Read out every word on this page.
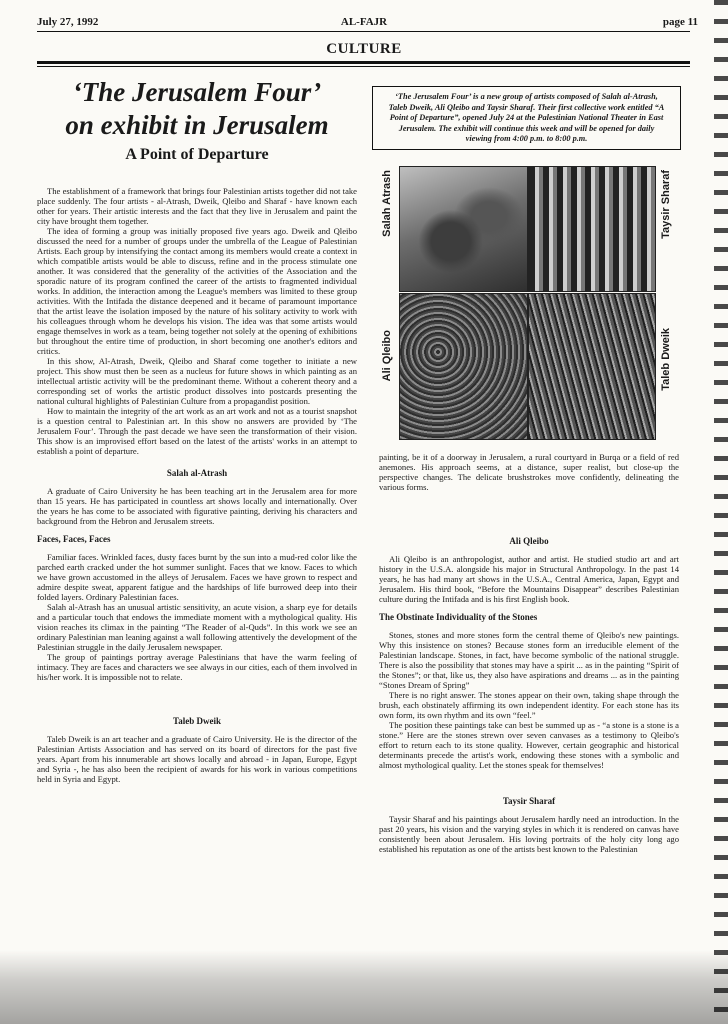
July 27, 1992	AL-FAJR	page 11
CULTURE
‘The Jerusalem Four’
on exhibit in Jerusalem
A Point of Departure

The establishment of a framework that brings four Palestinian artists together did not take place suddenly. The four artists - al-Atrash, Dweik, Qleibo and Sharaf - have known each other for years. Their artistic interests and the fact that they live in Jerusalem and paint the city have brought them together.

The idea of forming a group was initially proposed five years ago. Dweik and Qleibo discussed the need for a number of groups under the umbrella of the League of Palestinian Artists. Each group by intensifying the contact among its members would create a context in which compatible artists would be able to discuss, refine and in the process stimulate one another. It was considered that the generality of the activities of the Association and the sporadic nature of its program confined the career of the artists to fragmented individual works. In addition, the interaction among the League's members was limited to these group activities. With the Intifada the distance deepened and it became of paramount importance that the artist leave the isolation imposed by the nature of his solitary activity to work with his colleagues through whom he develops his vision. The idea was that some artists would engage themselves in work as a team, being together not solely at the opening of exhibitions but throughout the entire time of production, in short becoming one another's editors and critics.

In this show, Al-Atrash, Dweik, Qleibo and Sharaf come together to initiate a new project. This show must then be seen as a nucleus for future shows in which painting as an intellectual artistic activity will be the predominant theme. Without a coherent theory and a corresponding set of works the artistic product dissolves into postcards presenting the national cultural highlights of Palestinian Culture from a propagandist position.

How to maintain the integrity of the art work as an art work and not as a tourist snapshot is a question central to Palestinian art. In this show no answers are provided by ‘The Jerusalem Four’. Through the past decade we have seen the transformation of their vision. This show is an improvised effort based on the latest of the artists' works in an attempt to establish a point of departure.

Salah al-Atrash

A graduate of Cairo University he has been teaching art in the Jerusalem area for more than 15 years. He has participated in countless art shows locally and internationally. Over the years he has come to be associated with figurative painting, deriving his characters and background from the Hebron and Jerusalem streets.

Faces, Faces, Faces

Familiar faces. Wrinkled faces, dusty faces burnt by the sun into a mud-red color like the parched earth cracked under the hot summer sunlight. Faces that we know. Faces to which we have grown accustomed in the alleys of Jerusalem. Faces we have grown to respect and admire despite sweat, apparent fatigue and the hardships of life burrowed deep into their folded layers. Ordinary Palestinian faces.

Salah al-Atrash has an unusual artistic sensitivity, an acute vision, a sharp eye for details and a particular touch that endows the immediate moment with a mythological quality. His vision reaches its climax in the painting “The Reader of al-Quds”. In this work we see an ordinary Palestinian man leaning against a wall following attentively the development of the Palestinian struggle in the daily Jerusalem newspaper.

The group of paintings portray average Palestinians that have the warm feeling of intimacy. They are faces and characters we see always in our cities, each of them involved in his/her work. It is impossible not to relate.

Taleb Dweik

Taleb Dweik is an art teacher and a graduate of Cairo University. He is the director of the Palestinian Artists Association and has served on its board of directors for the past five years. Apart from his innumerable art shows locally and abroad - in Japan, Europe, Egypt and Syria -, he has also been the recipient of awards for his work in various competitions held in Syria and Egypt.

‘The Jerusalem Four’ is a new group of artists composed of Salah al-Atrash, Taleb Dweik, Ali Qleibo and Taysir Sharaf. Their first collective work entitled “A Point of Departure”, opened July 24 at the Palestinian National Theater in East Jerusalem. The exhibit will continue this week and will be opened for daily viewing from 4:00 p.m. to 8:00 p.m.
Salah Atrash	Taysir Sharaf
Ali Qleibo	Taleb Dweik

painting, be it of a doorway in Jerusalem, a rural courtyard in Burqa or a field of red anemones. His approach seems, at a distance, super realist, but close-up the perspective changes. The delicate brushstrokes move confidently, delineating the various forms.

Ali Qleibo

Ali Qleibo is an anthropologist, author and artist. He studied studio art and art history in the U.S.A. alongside his major in Structural Anthropology. In the past 14 years, he has had many art shows in the U.S.A., Central America, Japan, Egypt and Jerusalem. His third book, “Before the Mountains Disappear” describes Palestinian culture during the Intifada and is his first English book.

The Obstinate Individuality of the Stones

Stones, stones and more stones form the central theme of Qleibo's new paintings. Why this insistence on stones? Because stones form an irreducible element of the Palestinian landscape. Stones, in fact, have become symbolic of the national struggle. There is also the possibility that stones may have a spirit ... as in the painting “Spirit of the Stones”; or that, like us, they also have aspirations and dreams ... as in the painting “Stones Dream of Spring”

There is no right answer. The stones appear on their own, taking shape through the brush, each obstinately affirming its own independent identity. For each stone has its own form, its own rhythm and its own “feel.”

The position these paintings take can best be summed up as - “a stone is a stone is a stone.” Here are the stones strewn over seven canvases as a testimony to Qleibo's effort to return each to its stone quality. However, certain geographic and historical determinants precede the artist's work, endowing these stones with a symbolic and almost mythological quality. Let the stones speak for themselves!

Taysir Sharaf

Taysir Sharaf and his paintings about Jerusalem hardly need an introduction. In the past 20 years, his vision and the varying styles in which it is rendered on canvas have consistently been about Jerusalem. His loving portraits of the holy city long ago established his reputation as one of the artists best known to the Palestinian
